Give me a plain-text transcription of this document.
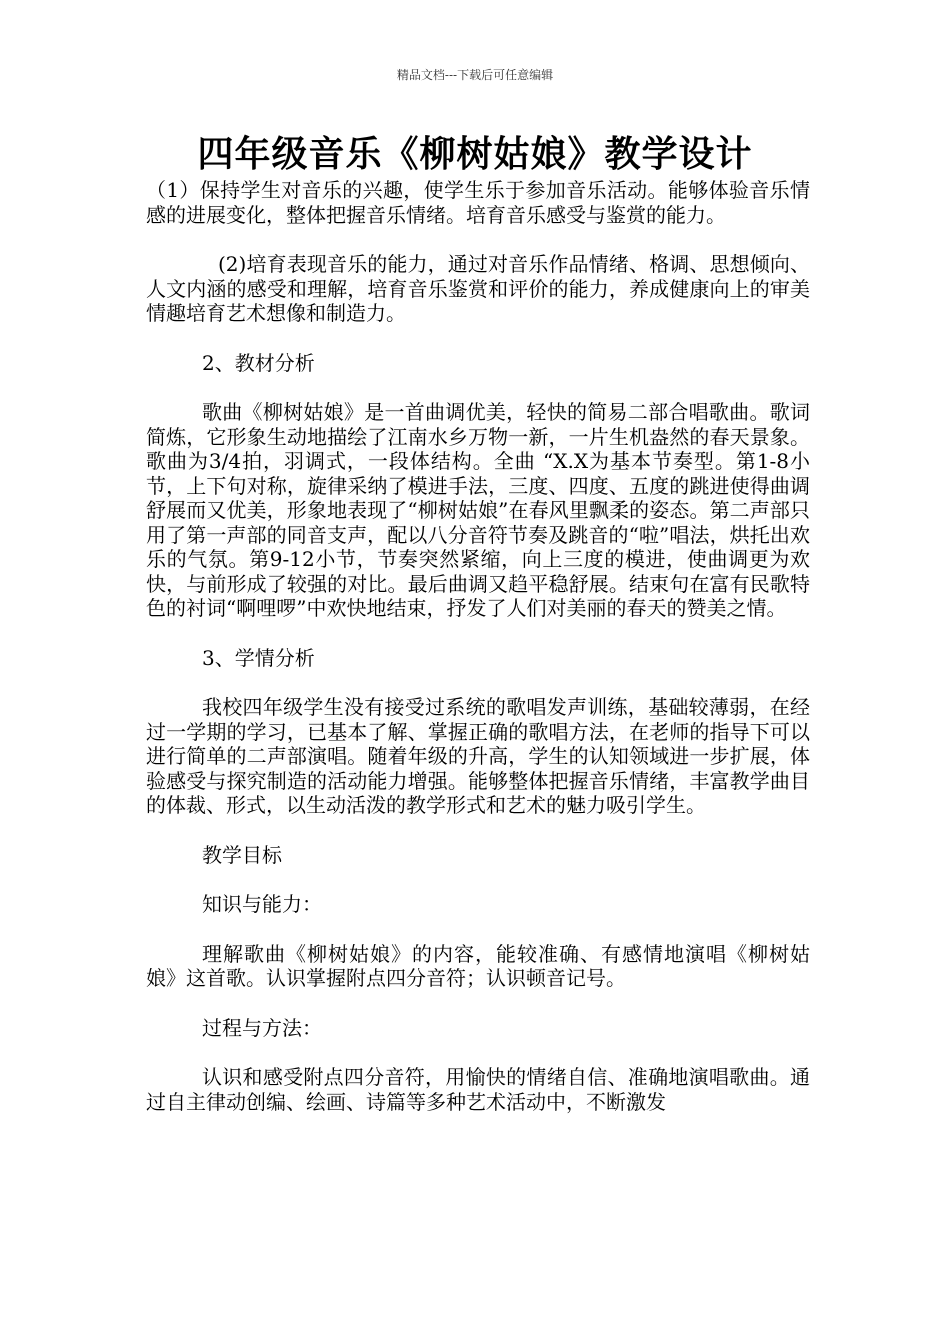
精品文档---下载后可任意编辑
四年级音乐《柳树姑娘》教学设计

（1）保持学生对音乐的兴趣，使学生乐于参加音乐活动。能够体验音乐情感的进展变化，整体把握音乐情绪。培育音乐感受与鉴赏的能力。

(2)培育表现音乐的能力，通过对音乐作品情绪、格调、思想倾向、人文内涵的感受和理解，培育音乐鉴赏和评价的能力，养成健康向上的审美情趣培育艺术想像和制造力。

2、教材分析

歌曲《柳树姑娘》是一首曲调优美，轻快的简易二部合唱歌曲。歌词简炼，它形象生动地描绘了江南水乡万物一新，一片生机盎然的春天景象。歌曲为3/4拍，羽调式，一段体结构。全曲 “X.X为基本节奏型。第1-8小节，上下句对称，旋律采纳了模进手法，三度、四度、五度的跳进使得曲调舒展而又优美，形象地表现了“柳树姑娘”在春风里飘柔的姿态。第二声部只用了第一声部的同音支声，配以八分音符节奏及跳音的“啦”唱法，烘托出欢乐的气氛。第9-12小节，节奏突然紧缩，向上三度的模进，使曲调更为欢快，与前形成了较强的对比。最后曲调又趋平稳舒展。结束句在富有民歌特色的衬词“啊哩啰”中欢快地结束，抒发了人们对美丽的春天的赞美之情。

3、学情分析

我校四年级学生没有接受过系统的歌唱发声训练，基础较薄弱，在经过一学期的学习，已基本了解、掌握正确的歌唱方法，在老师的指导下可以进行简单的二声部演唱。随着年级的升高，学生的认知领域进一步扩展，体验感受与探究制造的活动能力增强。能够整体把握音乐情绪，丰富教学曲目的体裁、形式，以生动活泼的教学形式和艺术的魅力吸引学生。

教学目标

知识与能力：

理解歌曲《柳树姑娘》的内容，能较准确、有感情地演唱《柳树姑娘》这首歌。认识掌握附点四分音符；认识顿音记号。

过程与方法：

认识和感受附点四分音符，用愉快的情绪自信、准确地演唱歌曲。通过自主律动创编、绘画、诗篇等多种艺术活动中，不断激发
